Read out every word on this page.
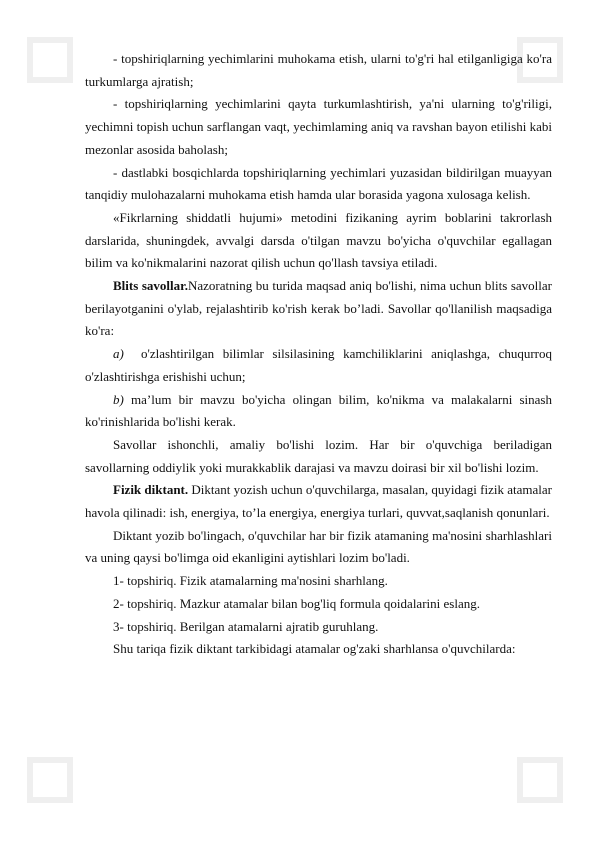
- topshiriqlarning yechimlarini muhokama etish, ularni to'g'ri hal etilganligiga ko'ra turkumlarga ajratish;

- topshiriqlarning yechimlarini qayta turkumlashtirish, ya'ni ularning to'g'riligi, yechimni topish uchun sarflangan vaqt, yechimlaming aniq va ravshan bayon etilishi kabi mezonlar asosida baholash;

- dastlabki bosqichlarda topshiriqlarning yechimlari yuzasidan bildirilgan muayyan tanqidiy mulohazalarni muhokama etish hamda ular borasida yagona xulosaga kelish.

«Fikrlarning shiddatli hujumi» metodini fizikaning ayrim boblarini takrorlash darslarida, shuningdek, avvalgi darsda o'tilgan mavzu bo'yicha o'quvchilar egallagan bilim va ko'nikmalarini nazorat qilish uchun qo'llash tavsiya etiladi.

Blits savollar.Nazoratning bu turida maqsad aniq bo'lishi, nima uchun blits savollar berilayotganini o'ylab, rejalashtirib ko'rish kerak bo’ladi. Savollar qo'llanilish maqsadiga ko'ra:

a)  o'zlashtirilgan bilimlar silsilasining kamchiliklarini aniqlashga, chuqurroq o'zlashtirishga erishishi uchun;

b) ma’lum bir mavzu bo'yicha olingan bilim, ko'nikma va malakalarni sinash ko'rinishlarida bo'lishi kerak.

Savollar ishonchli, amaliy bo'lishi lozim. Har bir o'quvchiga beriladigan savollarning oddiylik yoki murakkablik darajasi va mavzu doirasi bir xil bo'lishi lozim.

Fizik diktant. Diktant yozish uchun o'quvchilarga, masalan, quyidagi fizik atamalar havola qilinadi: ish, energiya, to’la energiya, energiya turlari, quvvat,saqlanish qonunlari.

Diktant yozib bo'lingach, o'quvchilar har bir fizik atamaning ma'nosini sharhlashlari va uning qaysi bo'limga oid ekanligini aytishlari lozim bo'ladi.

1- topshiriq. Fizik atamalarning ma'nosini sharhlang.

2- topshiriq. Mazkur atamalar bilan bog'liq formula qoidalarini eslang.

3- topshiriq. Berilgan atamalarni ajratib guruhlang.

Shu tariqa fizik diktant tarkibidagi atamalar og'zaki sharhlansa o'quvchilarda:
